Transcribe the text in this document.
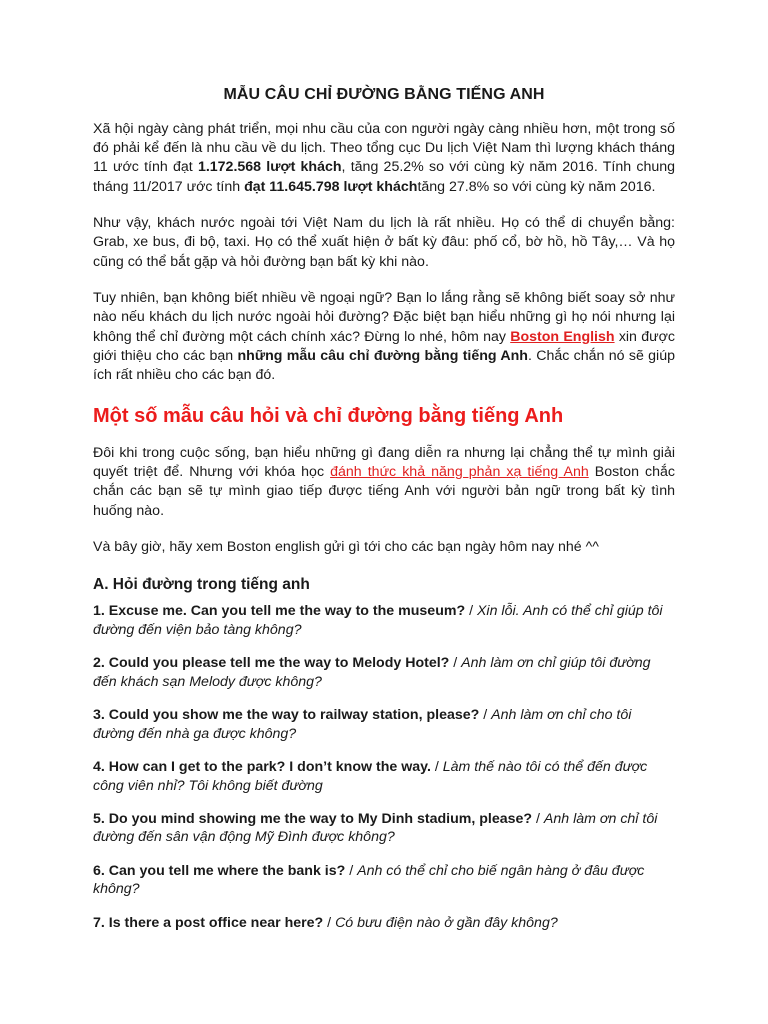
MẪU CÂU CHỈ ĐƯỜNG BẰNG TIẾNG ANH

Xã hội ngày càng phát triển, mọi nhu cầu của con người ngày càng nhiều hơn, một trong số đó phải kể đến là nhu cầu về du lịch. Theo tổng cục Du lịch Việt Nam thì lượng khách tháng 11 ước tính đạt 1.172.568 lượt khách, tăng 25.2% so với cùng kỳ năm 2016. Tính chung tháng 11/2017 ước tính đạt 11.645.798 lượt kháchtăng 27.8% so với cùng kỳ năm 2016.

Như vậy, khách nước ngoài tới Việt Nam du lịch là rất nhiều. Họ có thể di chuyển bằng: Grab, xe bus, đi bộ, taxi. Họ có thể xuất hiện ở bất kỳ đâu: phố cổ, bờ hồ, hồ Tây,… Và họ cũng có thể bắt gặp và hỏi đường bạn bất kỳ khi nào.

Tuy nhiên, bạn không biết nhiều về ngoại ngữ? Bạn lo lắng rằng sẽ không biết soay sở như nào nếu khách du lịch nước ngoài hỏi đường? Đặc biệt bạn hiểu những gì họ nói nhưng lại không thể chỉ đường một cách chính xác? Đừng lo nhé, hôm nay Boston English xin được giới thiệu cho các bạn những mẫu câu chỉ đường bằng tiếng Anh. Chắc chắn nó sẽ giúp ích rất nhiều cho các bạn đó.

Một số mẫu câu hỏi và chỉ đường bằng tiếng Anh

Đôi khi trong cuộc sống, bạn hiểu những gì đang diễn ra nhưng lại chẳng thể tự mình giải quyết triệt để. Nhưng với khóa học đánh thức khả năng phản xạ tiếng Anh Boston chắc chắn các bạn sẽ tự mình giao tiếp được tiếng Anh với người bản ngữ trong bất kỳ tình huống nào.

Và bây giờ, hãy xem Boston english gửi gì tới cho các bạn ngày hôm nay nhé ^^

A. Hỏi đường trong tiếng anh

1. Excuse me. Can you tell me the way to the museum? / Xin lỗi. Anh có thể chỉ giúp tôi đường đến viện bảo tàng không?

2. Could you please tell me the way to Melody Hotel? / Anh làm ơn chỉ giúp tôi đường đến khách sạn Melody được không?

3. Could you show me the way to railway station, please? / Anh làm ơn chỉ cho tôi đường đến nhà ga được không?

4. How can I get to the park? I don’t know the way. / Làm thế nào tôi có thể đến được công viên nhỉ? Tôi không biết đường

5. Do you mind showing me the way to My Dinh stadium, please? / Anh làm ơn chỉ tôi đường đến sân vận động Mỹ Đình được không?

6. Can you tell me where the bank is? / Anh có thể chỉ cho biế ngân hàng ở đâu được không?

7. Is there a post office near here? / Có bưu điện nào ở gần đây không?
